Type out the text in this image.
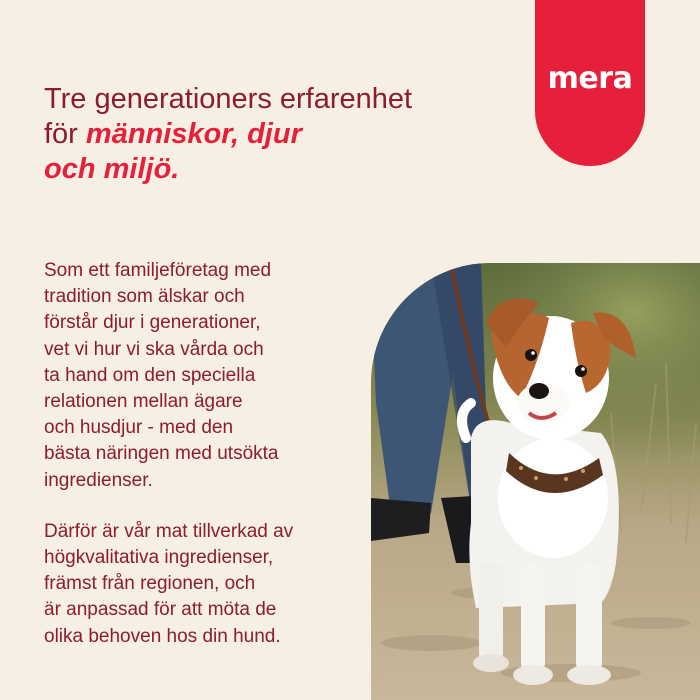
mera
Tre generationers erfarenhet
för människor, djur
och miljö.

Som ett familjeföretag med
tradition som älskar och
förstår djur i generationer,
vet vi hur vi ska vårda och
ta hand om den speciella
relationen mellan ägare
och husdjur - med den
bästa näringen med utsökta
ingredienser.

Därför är vår mat tillverkad av
högkvalitativa ingredienser,
främst från regionen, och
är anpassad för att möta de
olika behoven hos din hund.
